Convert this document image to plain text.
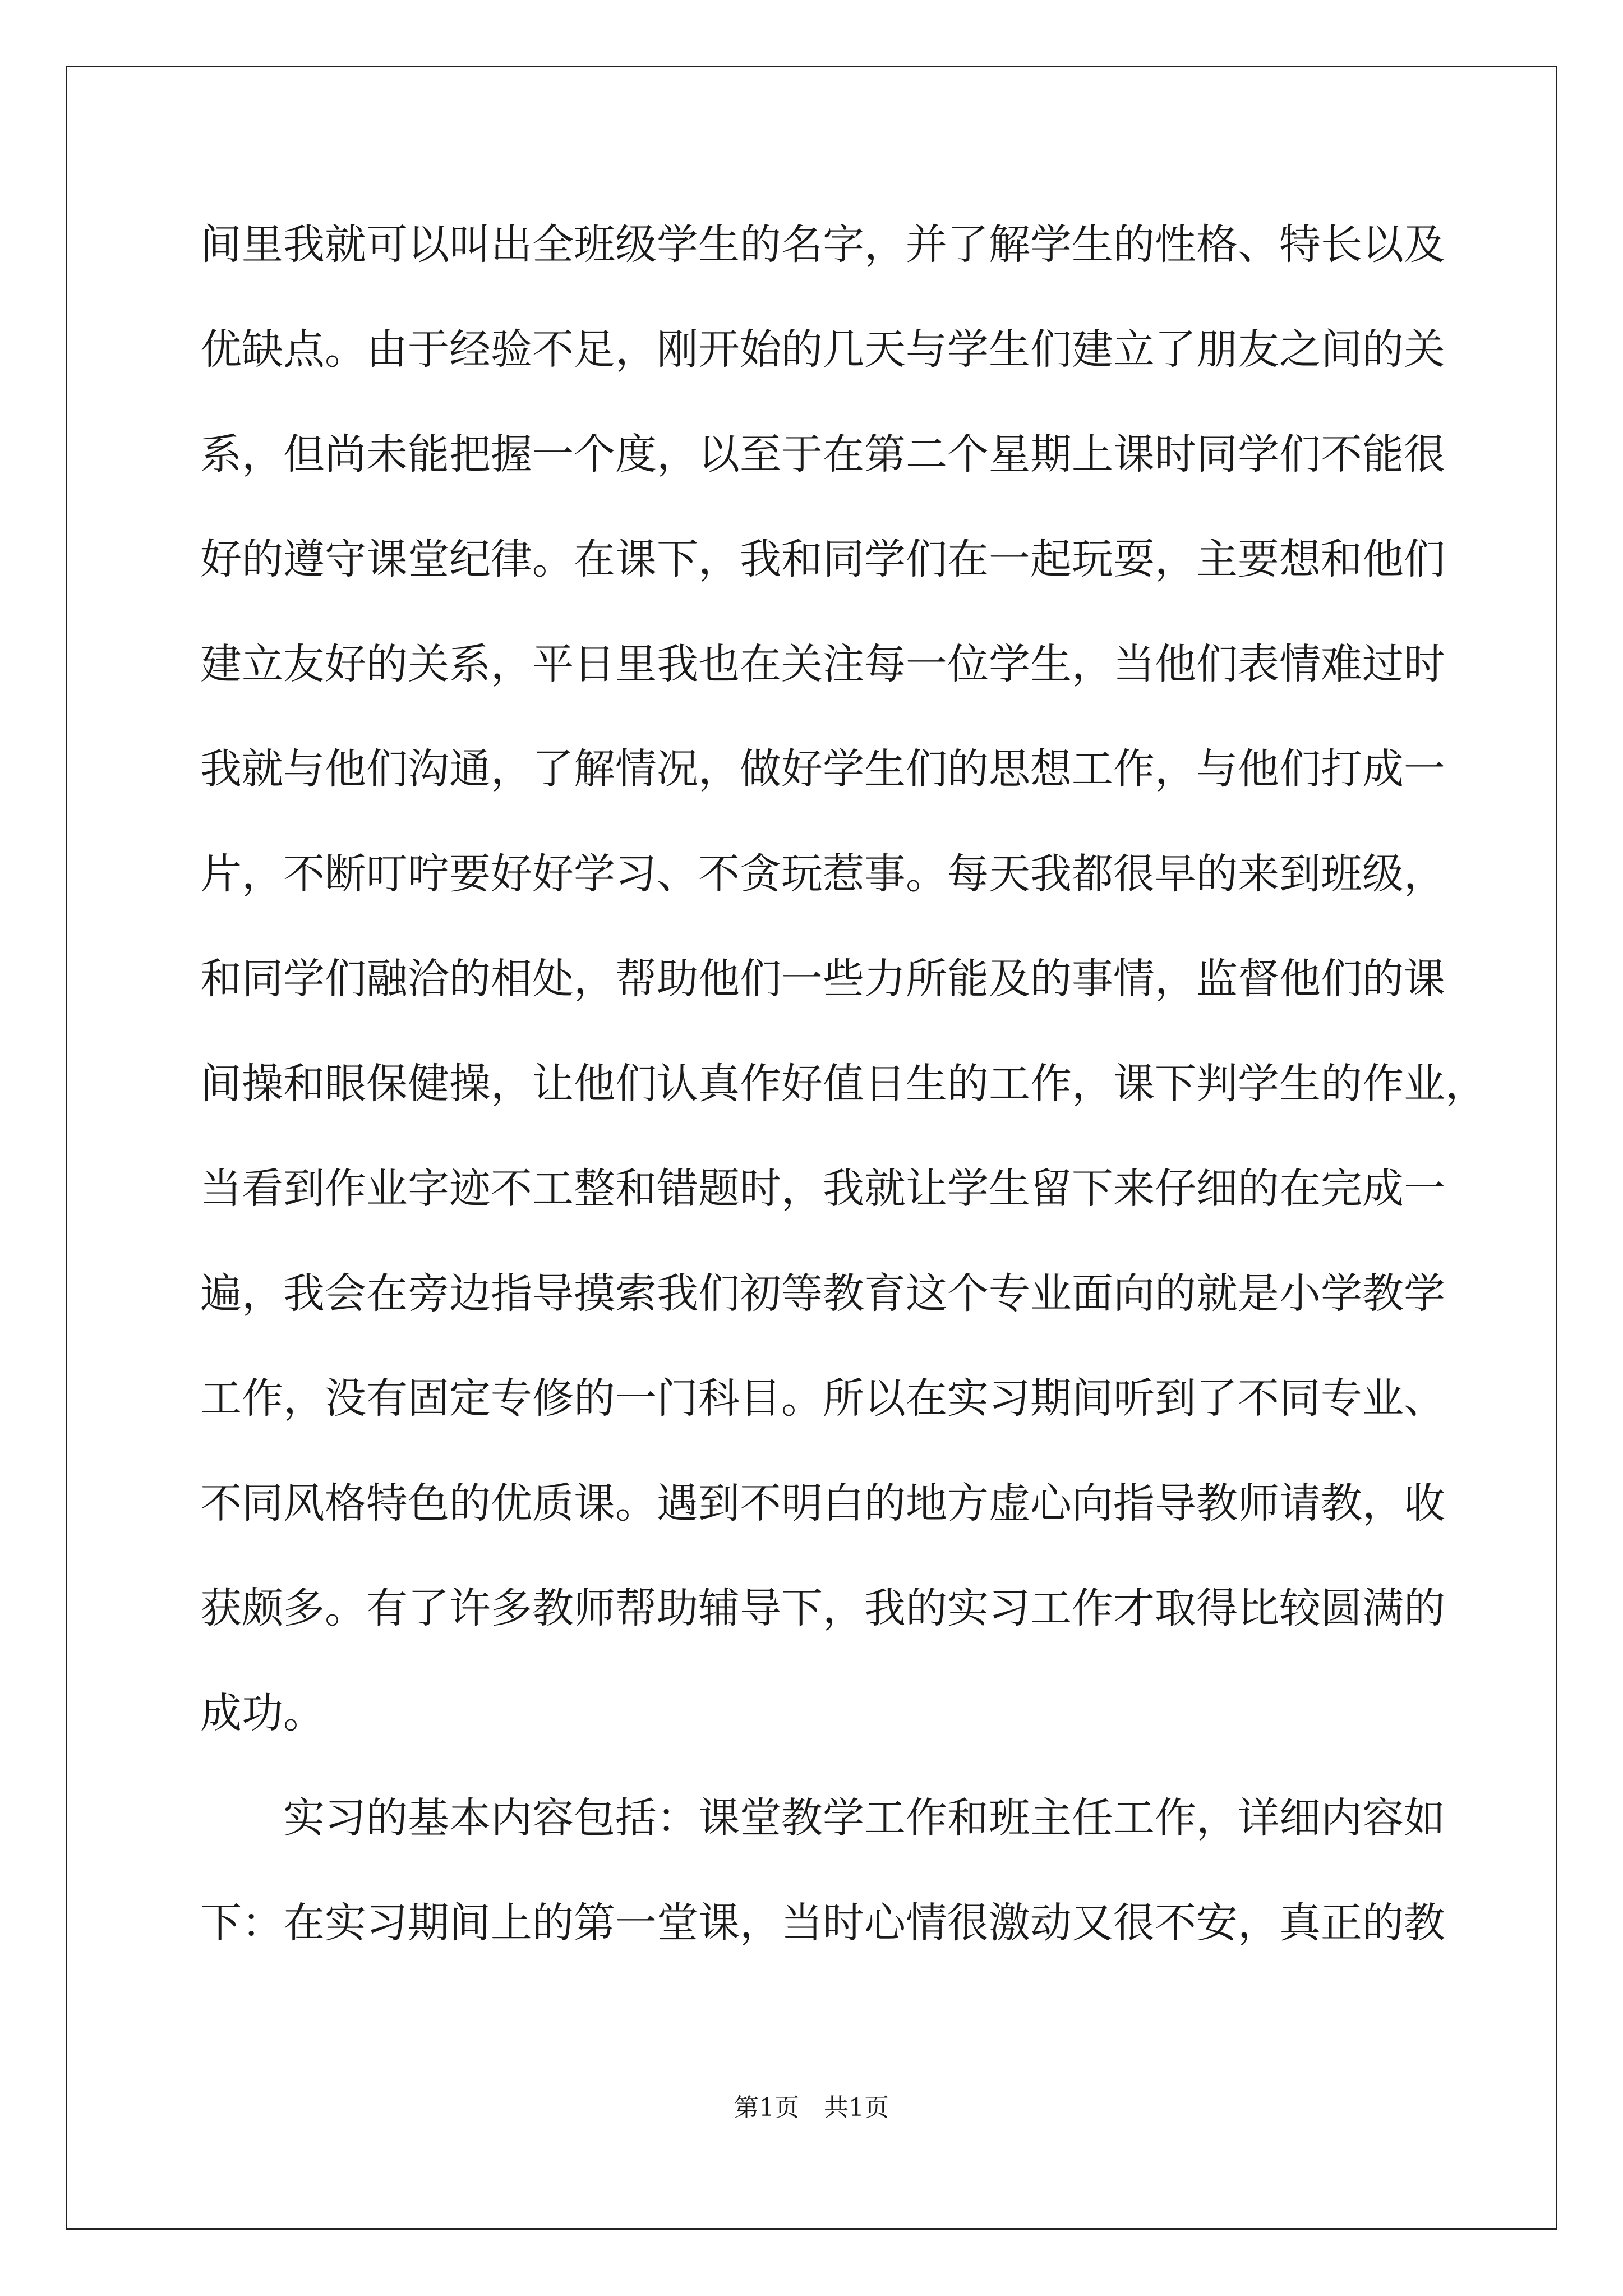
间里我就可以叫出全班级学生的名字，并了解学生的性格、特长以及
优缺点。由于经验不足，刚开始的几天与学生们建立了朋友之间的关
系，但尚未能把握一个度，以至于在第二个星期上课时同学们不能很
好的遵守课堂纪律。在课下，我和同学们在一起玩耍，主要想和他们
建立友好的关系，平日里我也在关注每一位学生，当他们表情难过时
我就与他们沟通，了解情况，做好学生们的思想工作，与他们打成一
片，不断叮咛要好好学习、不贪玩惹事。每天我都很早的来到班级，
和同学们融洽的相处，帮助他们一些力所能及的事情，监督他们的课
间操和眼保健操，让他们认真作好值日生的工作，课下判学生的作业，
当看到作业字迹不工整和错题时，我就让学生留下来仔细的在完成一
遍，我会在旁边指导摸索我们初等教育这个专业面向的就是小学教学
工作，没有固定专修的一门科目。所以在实习期间听到了不同专业、
不同风格特色的优质课。遇到不明白的地方虚心向指导教师请教，收
获颇多。有了许多教师帮助辅导下，我的实习工作才取得比较圆满的
成功。
实习的基本内容包括：课堂教学工作和班主任工作，详细内容如
下：在实习期间上的第一堂课，当时心情很激动又很不安，真正的教
第1页　共1页
